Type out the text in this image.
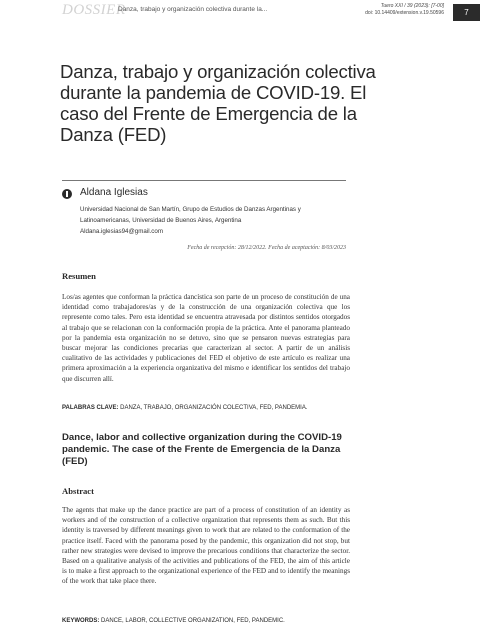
DOSSIER
Danza, trabajo y organización colectiva durante la...	Tuero XXI / 39 (2023): [7-00]
doi: 10.14409/extension.v.19.50596	7
Danza, trabajo y organización colectiva durante la pandemia de COVID-19. El caso del Frente de Emergencia de la Danza (FED)
Aldana Iglesias
Universidad Nacional de San Martín, Grupo de Estudios de Danzas Argentinas y
Latinoamericanas, Universidad de Buenos Aires, Argentina
Aldana.iglesias94@gmail.com
Fecha de recepción: 28/12/2022. Fecha de aceptación: 8/03/2023
Resumen

Los/as agentes que conforman la práctica dancística son parte de un proceso de constitución de una identidad como trabajadores/as y de la construcción de una organización colectiva que los represente como tales. Pero esta identidad se encuentra atravesada por distintos sentidos otorgados al trabajo que se relacionan con la conformación propia de la práctica. Ante el panorama planteado por la pandemia esta organización no se detuvo, sino que se pensaron nuevas estrategias para buscar mejorar las condiciones precarias que caracterizan al sector. A partir de un análisis cualitativo de las actividades y publicaciones del FED el objetivo de este artículo es realizar una primera aproximación a la experiencia organizativa del mismo e identificar los sentidos del trabajo que discurren allí.

PALABRAS CLAVE: DANZA, TRABAJO, ORGANIZACIÓN COLECTIVA, FED, PANDEMIA.
Dance, labor and collective organization during the COVID-19 pandemic. The case of the Frente de Emergencia de la Danza (FED)
Abstract

The agents that make up the dance practice are part of a process of constitution of an identity as workers and of the construction of a collective organization that represents them as such. But this identity is traversed by different meanings given to work that are related to the conformation of the practice itself. Faced with the panorama posed by the pandemic, this organization did not stop, but rather new strategies were devised to improve the precarious conditions that characterize the sector. Based on a qualitative analysis of the activities and publications of the FED, the aim of this article is to make a first approach to the organizational experience of the FED and to identify the meanings of the work that take place there.

KEYWORDS: DANCE, LABOR, COLLECTIVE ORGANIZATION, FED, PANDEMIC.
